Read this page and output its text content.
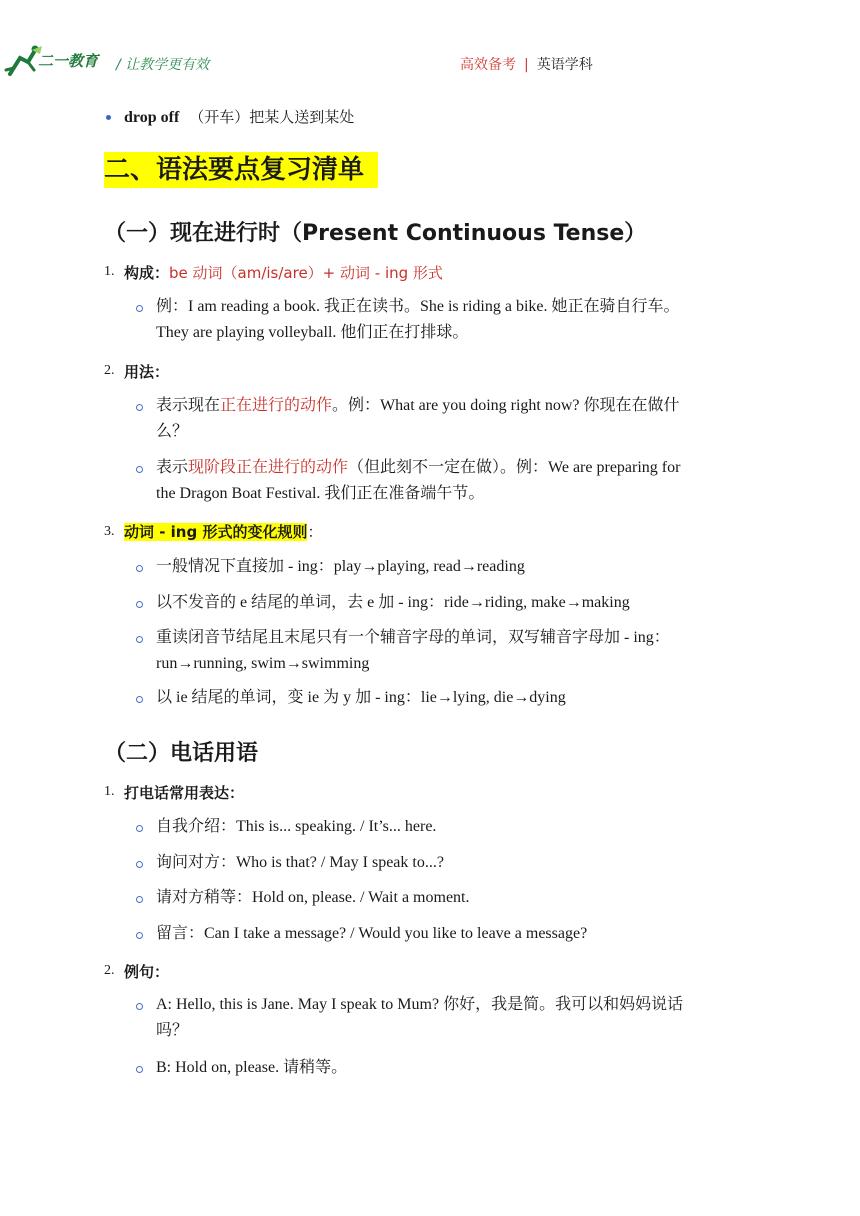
二一教育 / 让教学更有效	高效备考 | 英语学科
drop off （开车）把某人送到某处
二、语法要点复习清单
（一）现在进行时（Present Continuous Tense）
1. 构成：be 动词（am/is/are）+ 动词 - ing 形式
例：I am reading a book. 我正在读书。She is riding a bike. 她正在骑自行车。
They are playing volleyball. 他们正在打排球。
2. 用法：
表示现在正在进行的动作。例：What are you doing right now? 你现在在做什
么？
表示现阶段正在进行的动作（但此刻不一定在做）。例：We are preparing for
the Dragon Boat Festival. 我们正在准备端午节。
3. 动词 - ing 形式的变化规则：
一般情况下直接加 - ing：play→playing, read→reading
以不发音的 e 结尾的单词，去 e 加 - ing：ride→riding, make→making
重读闭音节结尾且末尾只有一个辅音字母的单词，双写辅音字母加 - ing：
run→running, swim→swimming
以 ie 结尾的单词，变 ie 为 y 加 - ing：lie→lying, die→dying
（二）电话用语
1. 打电话常用表达：
自我介绍：This is... speaking. / It’s... here.
询问对方：Who is that? / May I speak to...?
请对方稍等：Hold on, please. / Wait a moment.
留言：Can I take a message? / Would you like to leave a message?
2. 例句：
A: Hello, this is Jane. May I speak to Mum? 你好，我是简。我可以和妈妈说话
吗？
B: Hold on, please. 请稍等。
